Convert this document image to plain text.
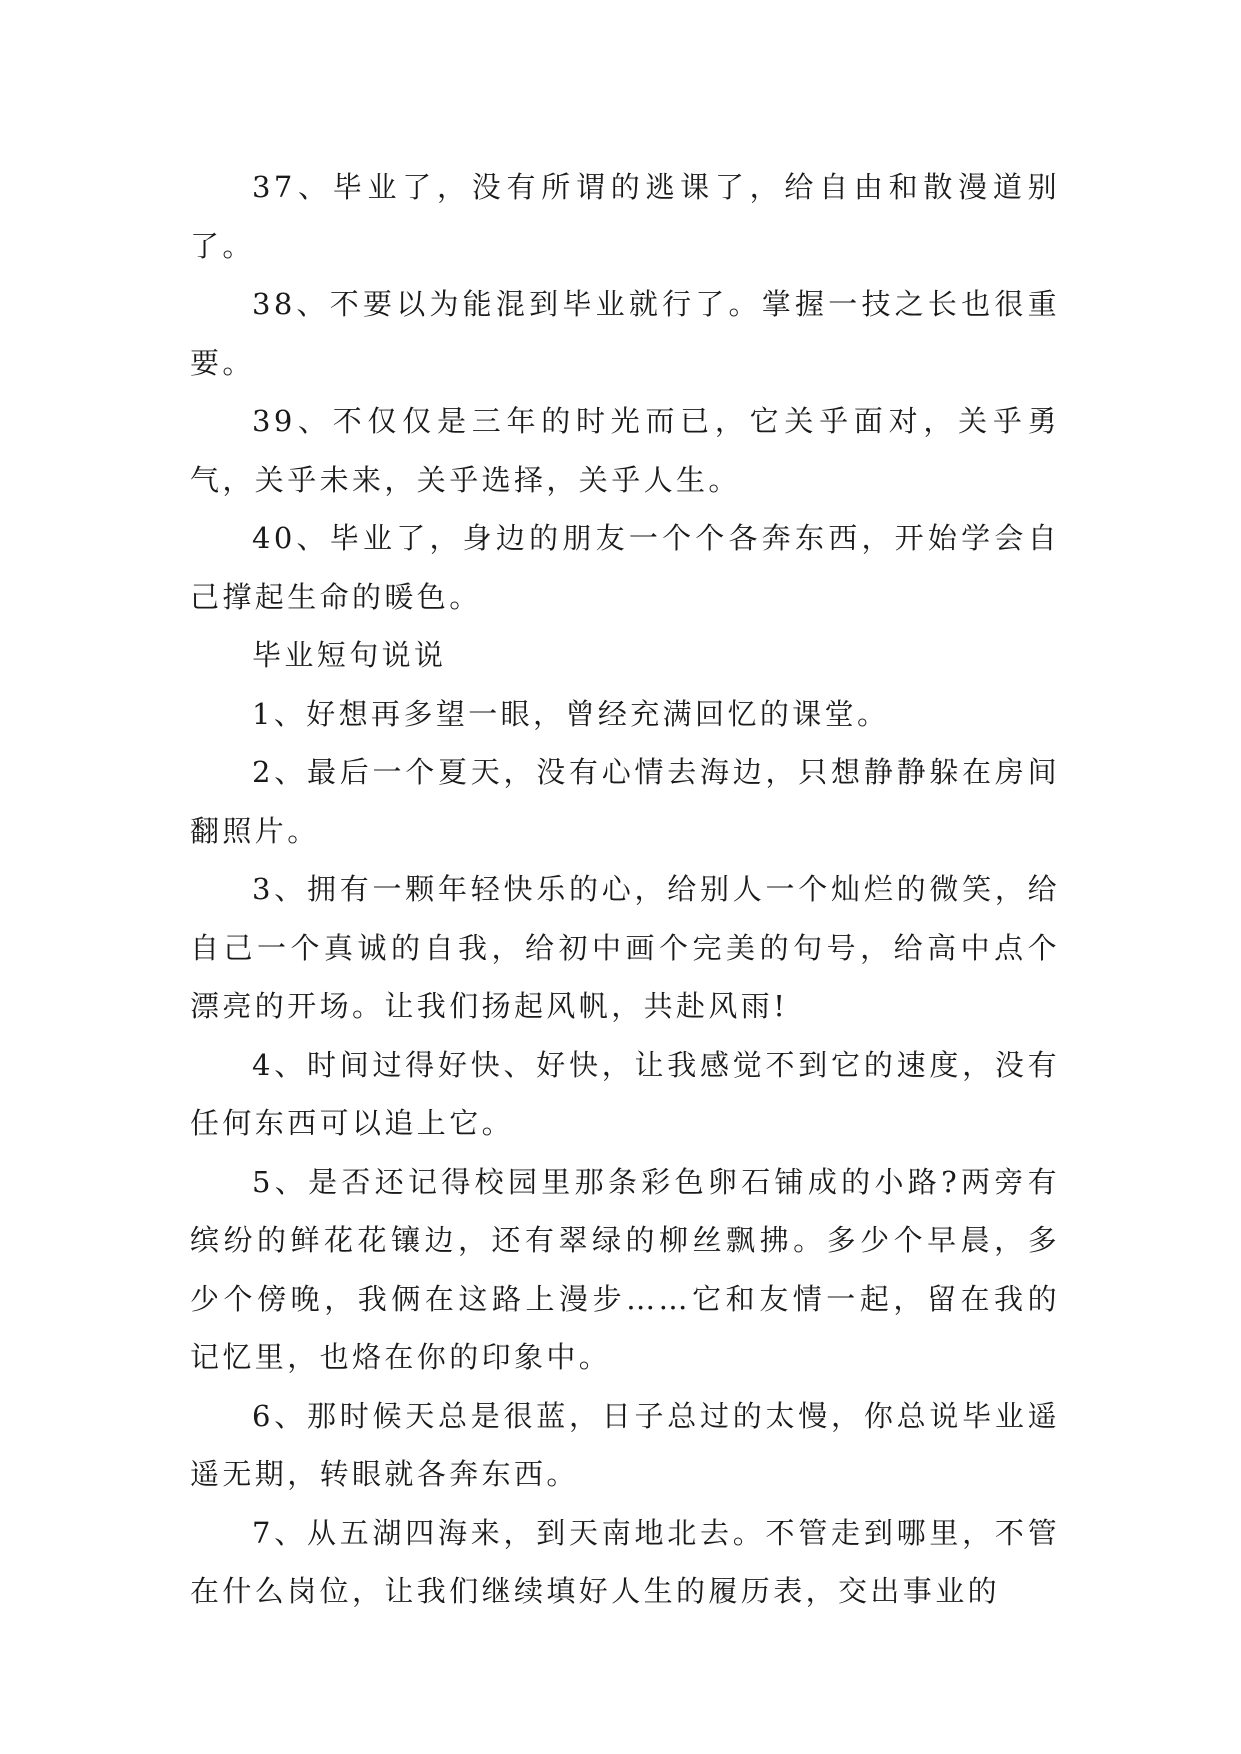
37、毕业了，没有所谓的逃课了，给自由和散漫道别了。

38、不要以为能混到毕业就行了。掌握一技之长也很重要。

39、不仅仅是三年的时光而已，它关乎面对，关乎勇气，关乎未来，关乎选择，关乎人生。

40、毕业了，身边的朋友一个个各奔东西，开始学会自己撑起生命的暖色。

毕业短句说说

1、好想再多望一眼，曾经充满回忆的课堂。

2、最后一个夏天，没有心情去海边，只想静静躲在房间翻照片。

3、拥有一颗年轻快乐的心，给别人一个灿烂的微笑，给自己一个真诚的自我，给初中画个完美的句号，给高中点个漂亮的开场。让我们扬起风帆，共赴风雨!

4、时间过得好快、好快，让我感觉不到它的速度，没有任何东西可以追上它。

5、是否还记得校园里那条彩色卵石铺成的小路?两旁有缤纷的鲜花花镶边，还有翠绿的柳丝飘拂。多少个早晨，多少个傍晚，我俩在这路上漫步……它和友情一起，留在我的记忆里，也烙在你的印象中。

6、那时候天总是很蓝，日子总过的太慢，你总说毕业遥遥无期，转眼就各奔东西。

7、从五湖四海来，到天南地北去。不管走到哪里，不管在什么岗位，让我们继续填好人生的履历表，交出事业的
